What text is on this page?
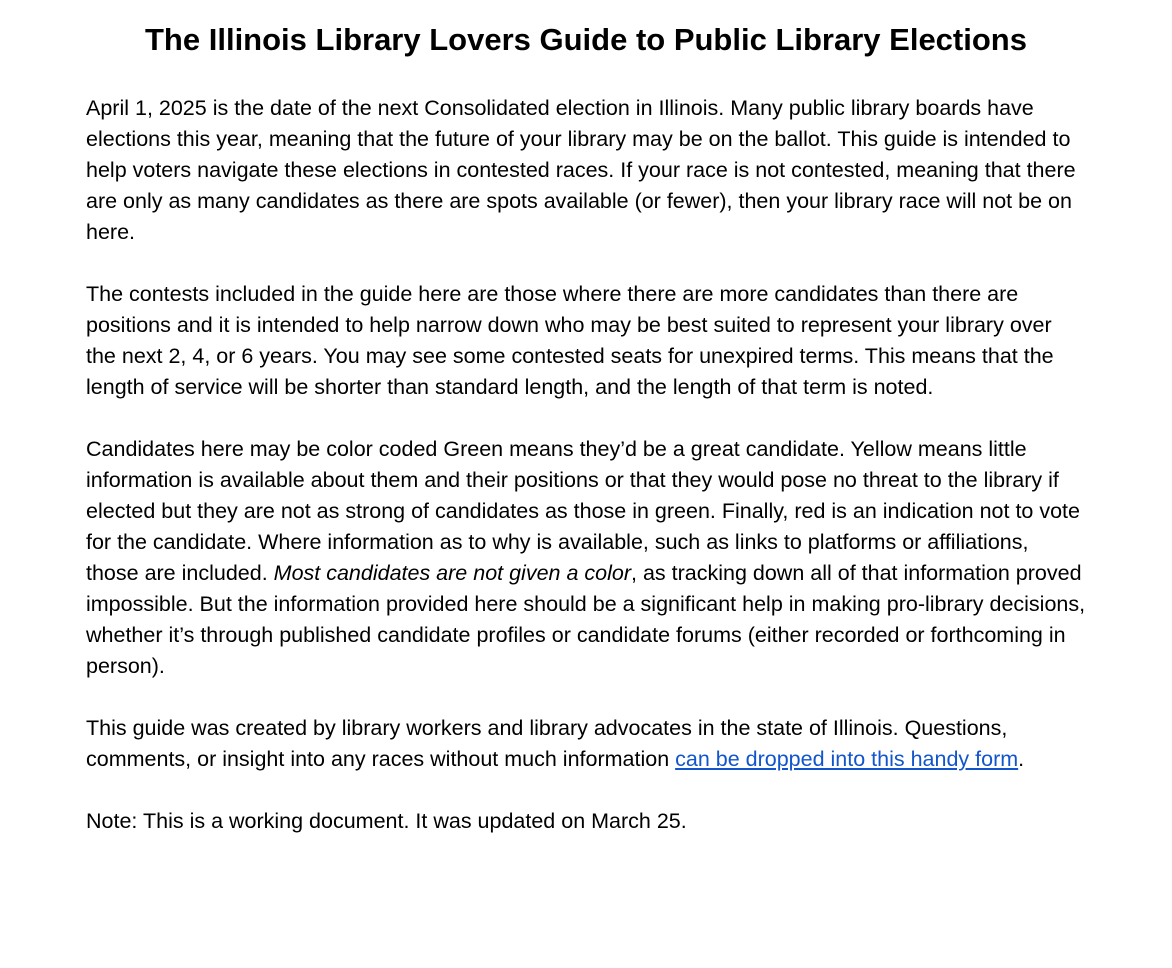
The Illinois Library Lovers Guide to Public Library Elections

April 1, 2025 is the date of the next Consolidated election in Illinois. Many public library boards have elections this year, meaning that the future of your library may be on the ballot. This guide is intended to help voters navigate these elections in contested races. If your race is not contested, meaning that there are only as many candidates as there are spots available (or fewer), then your library race will not be on here.

The contests included in the guide here are those where there are more candidates than there are positions and it is intended to help narrow down who may be best suited to represent your library over the next 2, 4, or 6 years. You may see some contested seats for unexpired terms. This means that the length of service will be shorter than standard length, and the length of that term is noted.

Candidates here may be color coded Green means they’d be a great candidate. Yellow means little information is available about them and their positions or that they would pose no threat to the library if elected but they are not as strong of candidates as those in green. Finally, red is an indication not to vote for the candidate. Where information as to why is available, such as links to platforms or affiliations, those are included. Most candidates are not given a color, as tracking down all of that information proved impossible. But the information provided here should be a significant help in making pro-library decisions, whether it’s through published candidate profiles or candidate forums (either recorded or forthcoming in person).

This guide was created by library workers and library advocates in the state of Illinois. Questions, comments, or insight into any races without much information can be dropped into this handy form.

Note: This is a working document. It was updated on March 25.
